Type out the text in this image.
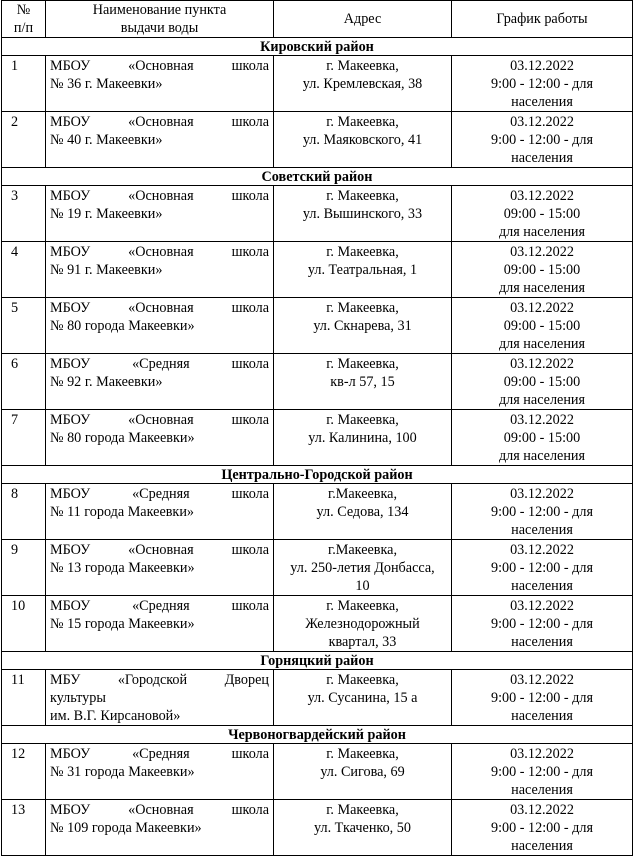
№
п/п	Наименование пункта
выдачи воды	Адрес	График работы
Кировский район			
1	МБОУ «Основная школа
№ 36 г. Макеевки»	г. Макеевка,
ул. Кремлевская, 38	03.12.2022
9:00 - 12:00 - для
населения

2	МБОУ «Основная школа
№ 40 г. Макеевки»	г. Макеевка,
ул. Маяковского, 41	03.12.2022
9:00 - 12:00 - для
населения

Советский район			
3	МБОУ «Основная школа
№ 19 г. Макеевки»	г. Макеевка,
ул. Вышинского, 33	03.12.2022
09:00 - 15:00
для населения

4	МБОУ «Основная школа
№ 91 г. Макеевки»	г. Макеевка,
ул. Театральная, 1	03.12.2022
09:00 - 15:00
для населения

5	МБОУ «Основная школа
№ 80 города Макеевки»	г. Макеевка,
ул. Скнарева, 31	03.12.2022
09:00 - 15:00
для населения

6	МБОУ «Средняя школа
№ 92 г. Макеевки»	г. Макеевка,
кв-л 57, 15	03.12.2022
09:00 - 15:00
для населения

7	МБОУ «Основная школа
№ 80 города Макеевки»	г. Макеевка,
ул. Калинина, 100	03.12.2022
09:00 - 15:00
для населения

Центрально-Городской район			
8	МБОУ «Средняя школа
№ 11 города Макеевки»	г.Макеевка,
ул. Седова, 134	03.12.2022
9:00 - 12:00 - для
населения

9	МБОУ «Основная школа
№ 13 города Макеевки»	г.Макеевка,
ул. 250-летия Донбасса,
10	03.12.2022
9:00 - 12:00 - для
населения

10	МБОУ «Средняя школа
№ 15 города Макеевки»	г. Макеевка,
Железнодорожный
квартал, 33	03.12.2022
9:00 - 12:00 - для
населения

Горняцкий район			
11	МБУ «Городской Дворец
культуры
им. В.Г. Кирсановой»	г. Макеевка,
ул. Сусанина, 15 а	03.12.2022
9:00 - 12:00 - для
населения

Червоногвардейский район			
12	МБОУ «Средняя школа
№ 31 города Макеевки»	г. Макеевка,
ул. Сигова, 69	03.12.2022
9:00 - 12:00 - для
населения

13	МБОУ «Основная школа
№ 109 города Макеевки»	г. Макеевка,
ул. Ткаченко, 50	03.12.2022
9:00 - 12:00 - для
населения
